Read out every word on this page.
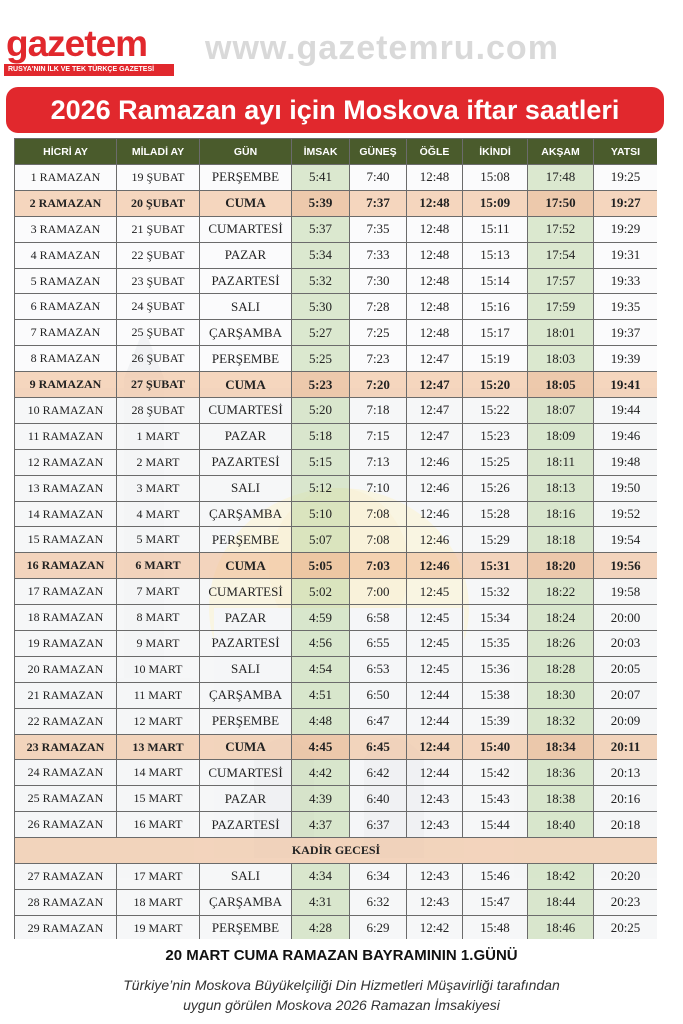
gazetem
RUSYA'NIN İLK VE TEK TÜRKÇE GAZETESİ
www.gazetemru.com
2026 Ramazan ayı için Moskova iftar saatleri
HİCRİ AY	MİLADİ AY	GÜN	İMSAK	GÜNEŞ	ÖĞLE	İKİNDİ	AKŞAM	YATSI
1 RAMAZAN	19 ŞUBAT	PERŞEMBE	5:41	7:40	12:48	15:08	17:48	19:25
2 RAMAZAN	20 ŞUBAT	CUMA	5:39	7:37	12:48	15:09	17:50	19:27
3 RAMAZAN	21 ŞUBAT	CUMARTESİ	5:37	7:35	12:48	15:11	17:52	19:29
4 RAMAZAN	22 ŞUBAT	PAZAR	5:34	7:33	12:48	15:13	17:54	19:31
5 RAMAZAN	23 ŞUBAT	PAZARTESİ	5:32	7:30	12:48	15:14	17:57	19:33
6 RAMAZAN	24 ŞUBAT	SALI	5:30	7:28	12:48	15:16	17:59	19:35
7 RAMAZAN	25 ŞUBAT	ÇARŞAMBA	5:27	7:25	12:48	15:17	18:01	19:37
8 RAMAZAN	26 ŞUBAT	PERŞEMBE	5:25	7:23	12:47	15:19	18:03	19:39
9 RAMAZAN	27 ŞUBAT	CUMA	5:23	7:20	12:47	15:20	18:05	19:41
10 RAMAZAN	28 ŞUBAT	CUMARTESİ	5:20	7:18	12:47	15:22	18:07	19:44
11 RAMAZAN	1 MART	PAZAR	5:18	7:15	12:47	15:23	18:09	19:46
12 RAMAZAN	2 MART	PAZARTESİ	5:15	7:13	12:46	15:25	18:11	19:48
13 RAMAZAN	3 MART	SALI	5:12	7:10	12:46	15:26	18:13	19:50
14 RAMAZAN	4 MART	ÇARŞAMBA	5:10	7:08	12:46	15:28	18:16	19:52
15 RAMAZAN	5 MART	PERŞEMBE	5:07	7:08	12:46	15:29	18:18	19:54
16 RAMAZAN	6 MART	CUMA	5:05	7:03	12:46	15:31	18:20	19:56
17 RAMAZAN	7 MART	CUMARTESİ	5:02	7:00	12:45	15:32	18:22	19:58
18 RAMAZAN	8 MART	PAZAR	4:59	6:58	12:45	15:34	18:24	20:00
19 RAMAZAN	9 MART	PAZARTESİ	4:56	6:55	12:45	15:35	18:26	20:03
20 RAMAZAN	10 MART	SALI	4:54	6:53	12:45	15:36	18:28	20:05
21 RAMAZAN	11 MART	ÇARŞAMBA	4:51	6:50	12:44	15:38	18:30	20:07
22 RAMAZAN	12 MART	PERŞEMBE	4:48	6:47	12:44	15:39	18:32	20:09
23 RAMAZAN	13 MART	CUMA	4:45	6:45	12:44	15:40	18:34	20:11
24 RAMAZAN	14 MART	CUMARTESİ	4:42	6:42	12:44	15:42	18:36	20:13
25 RAMAZAN	15 MART	PAZAR	4:39	6:40	12:43	15:43	18:38	20:16
26 RAMAZAN	16 MART	PAZARTESİ	4:37	6:37	12:43	15:44	18:40	20:18
KADİR GECESİ								
27 RAMAZAN	17 MART	SALI	4:34	6:34	12:43	15:46	18:42	20:20
28 RAMAZAN	18 MART	ÇARŞAMBA	4:31	6:32	12:43	15:47	18:44	20:23
29 RAMAZAN	19 MART	PERŞEMBE	4:28	6:29	12:42	15:48	18:46	20:25
20 MART CUMA RAMAZAN BAYRAMININ 1.GÜNÜ
Türkiye’nin Moskova Büyükelçiliği Din Hizmetleri Müşavirliği tarafından
uygun görülen Moskova 2026 Ramazan İmsakiyesi
